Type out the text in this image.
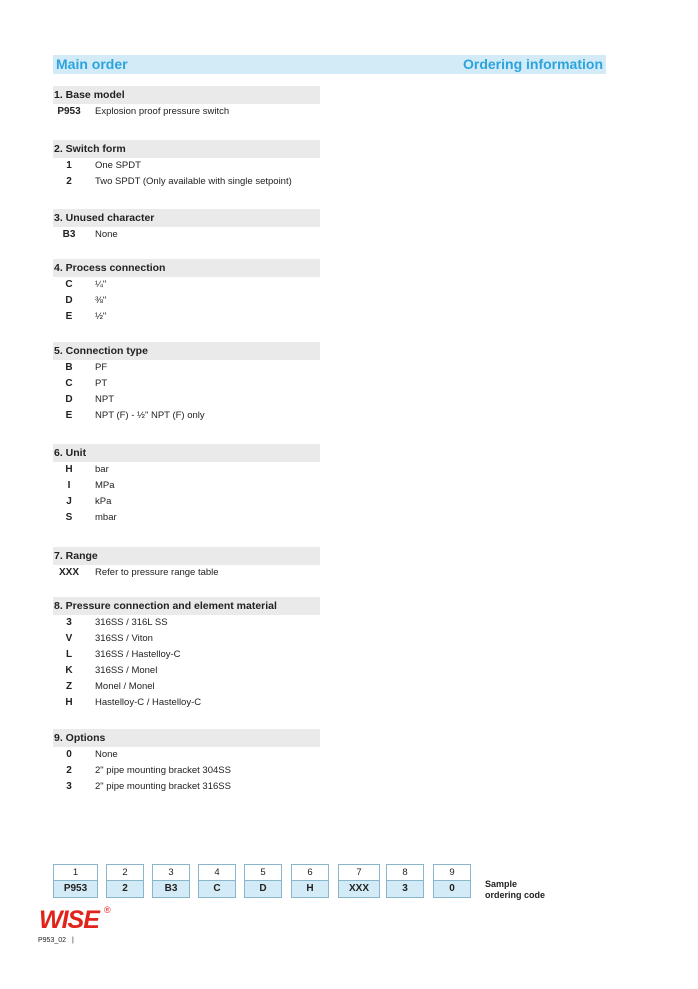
Main order	Ordering information
1. Base model
P953 Explosion proof pressure switch
2. Switch form
1	One SPDT
2	Two SPDT (Only available with single setpoint)
3. Unused character
B3	None
4. Process connection
C	¼"
D	⅜"
E	½"
5. Connection type
B	PF
C	PT
D	NPT
E	NPT (F) - ½" NPT (F) only
6. Unit
H	bar
I	MPa
J	kPa
S	mbar
7. Range
XXX	Refer to pressure range table
8. Pressure connection and element material
3	316SS / 316L SS
V	316SS / Viton
L	316SS / Hastelloy-C
K	316SS / Monel
Z	Monel / Monel
H	Hastelloy-C / Hastelloy-C
9. Options
0	None
2	2" pipe mounting bracket 304SS
3	2" pipe mounting bracket 316SS
1
P953
2
2
3
B3
4
C
5
D
6
H
7
XXX
8
3
9
0	Sample
ordering code
WISE ®
P953_02 |
